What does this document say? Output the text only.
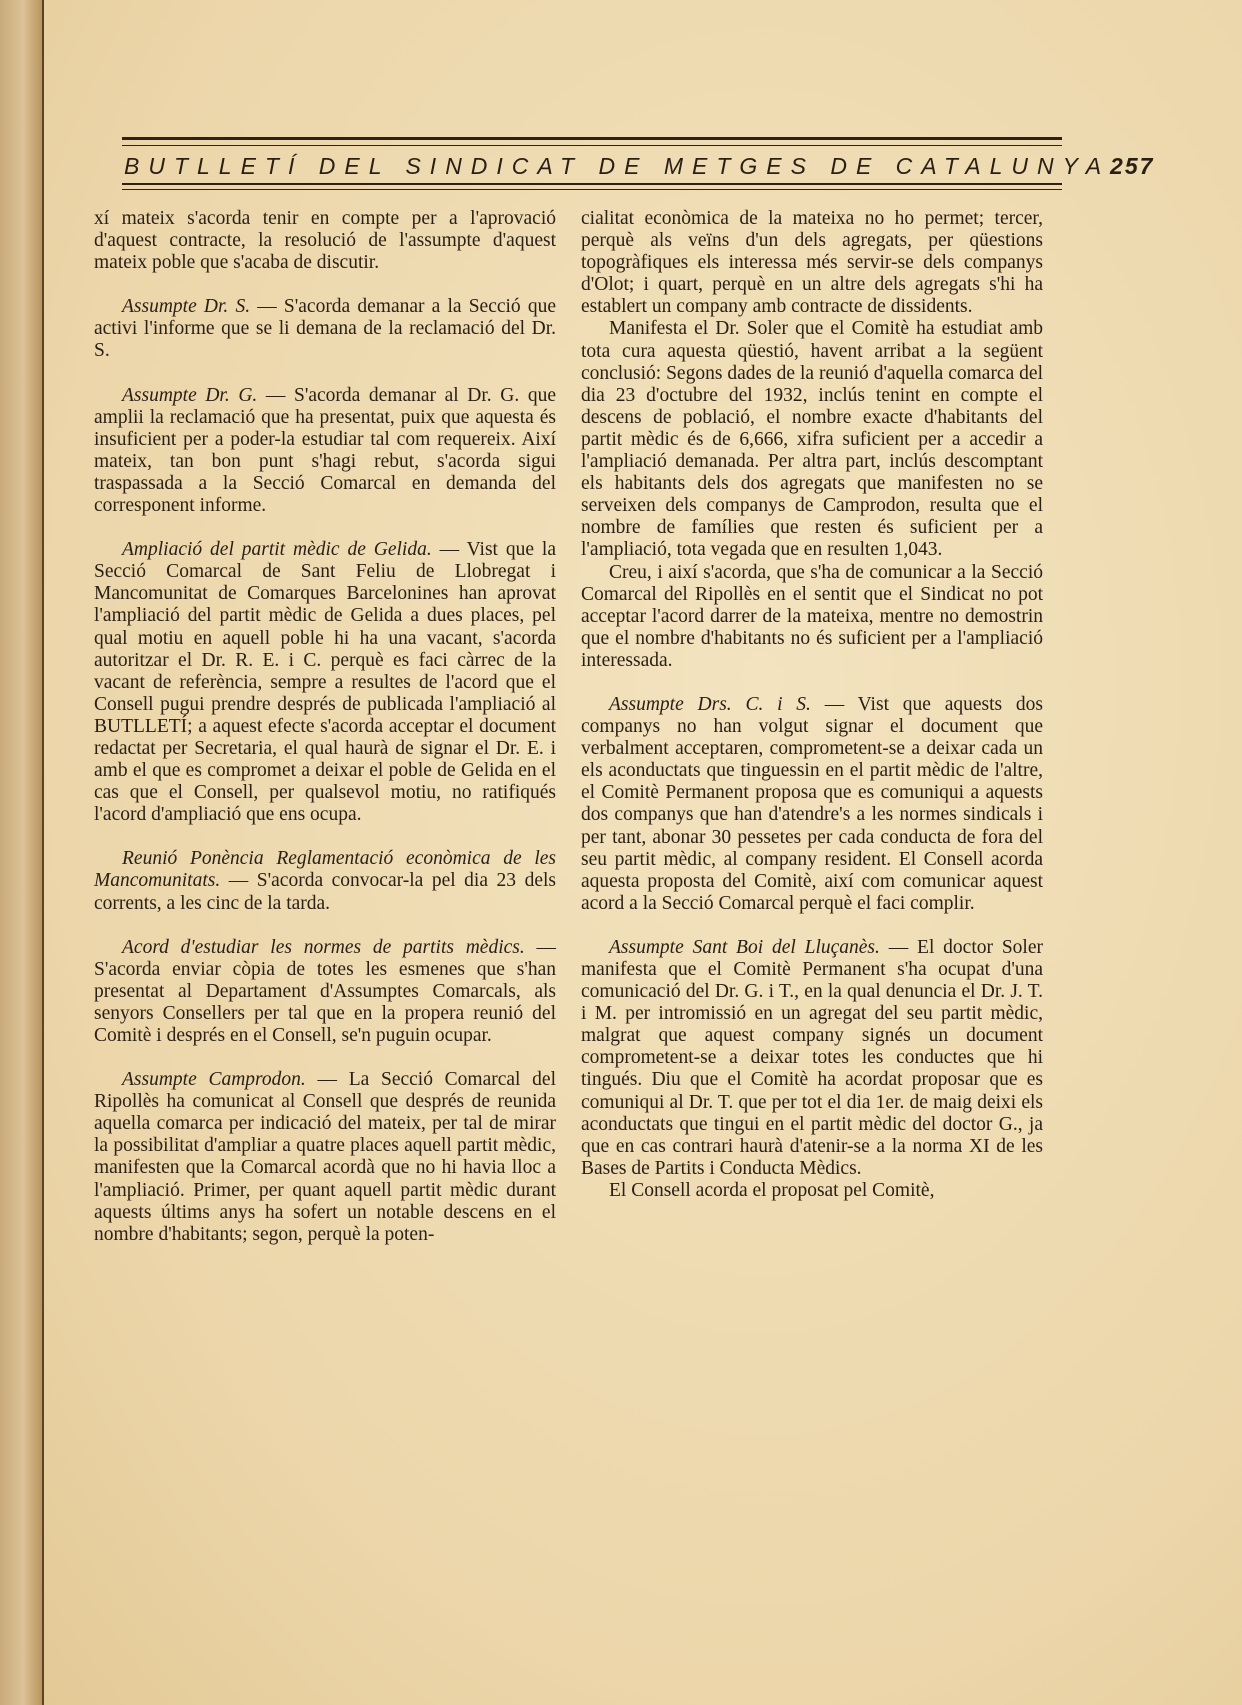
BUTLLETÍ DEL SINDICAT DE METGES DE CATALUNYA 257

xí mateix s'acorda tenir en compte per a l'aprovació d'aquest contracte, la resolució de l'assumpte d'aquest mateix poble que s'acaba de discutir.

Assumpte Dr. S. — S'acorda demanar a la Secció que activi l'informe que se li demana de la reclamació del Dr. S.

Assumpte Dr. G. — S'acorda demanar al Dr. G. que amplii la reclamació que ha presentat, puix que aquesta és insuficient per a poder-la estudiar tal com requereix. Així mateix, tan bon punt s'hagi rebut, s'acorda sigui traspassada a la Secció Comarcal en demanda del corresponent informe.

Ampliació del partit mèdic de Gelida. — Vist que la Secció Comarcal de Sant Feliu de Llobregat i Mancomunitat de Comarques Barcelonines han aprovat l'ampliació del partit mèdic de Gelida a dues places, pel qual motiu en aquell poble hi ha una vacant, s'acorda autoritzar el Dr. R. E. i C. perquè es faci càrrec de la vacant de referència, sempre a resultes de l'acord que el Consell pugui prendre després de publicada l'ampliació al BUTLLETÍ; a aquest efecte s'acorda acceptar el document redactat per Secretaria, el qual haurà de signar el Dr. E. i amb el que es compromet a deixar el poble de Gelida en el cas que el Consell, per qualsevol motiu, no ratifiqués l'acord d'ampliació que ens ocupa.

Reunió Ponència Reglamentació econòmica de les Mancomunitats. — S'acorda convocar-la pel dia 23 dels corrents, a les cinc de la tarda.

Acord d'estudiar les normes de partits mèdics. — S'acorda enviar còpia de totes les esmenes que s'han presentat al Departament d'Assumptes Comarcals, als senyors Consellers per tal que en la propera reunió del Comitè i després en el Consell, se'n puguin ocupar.

Assumpte Camprodon. — La Secció Comarcal del Ripollès ha comunicat al Consell que després de reunida aquella comarca per indicació del mateix, per tal de mirar la possibilitat d'ampliar a quatre places aquell partit mèdic, manifesten que la Comarcal acordà que no hi havia lloc a l'ampliació. Primer, per quant aquell partit mèdic durant aquests últims anys ha sofert un notable descens en el nombre d'habitants; segon, perquè la poten-

cialitat econòmica de la mateixa no ho permet; tercer, perquè als veïns d'un dels agregats, per qüestions topogràfiques els interessa més servir-se dels companys d'Olot; i quart, perquè en un altre dels agregats s'hi ha establert un company amb contracte de dissidents.

Manifesta el Dr. Soler que el Comitè ha estudiat amb tota cura aquesta qüestió, havent arribat a la següent conclusió: Segons dades de la reunió d'aquella comarca del dia 23 d'octubre del 1932, inclús tenint en compte el descens de població, el nombre exacte d'habitants del partit mèdic és de 6,666, xifra suficient per a accedir a l'ampliació demanada. Per altra part, inclús descomptant els habitants dels dos agregats que manifesten no se serveixen dels companys de Camprodon, resulta que el nombre de famílies que resten és suficient per a l'ampliació, tota vegada que en resulten 1,043.

Creu, i així s'acorda, que s'ha de comunicar a la Secció Comarcal del Ripollès en el sentit que el Sindicat no pot acceptar l'acord darrer de la mateixa, mentre no demostrin que el nombre d'habitants no és suficient per a l'ampliació interessada.

Assumpte Drs. C. i S. — Vist que aquests dos companys no han volgut signar el document que verbalment acceptaren, comprometent-se a deixar cada un els aconductats que tinguessin en el partit mèdic de l'altre, el Comitè Permanent proposa que es comuniqui a aquests dos companys que han d'atendre's a les normes sindicals i per tant, abonar 30 pessetes per cada conducta de fora del seu partit mèdic, al company resident. El Consell acorda aquesta proposta del Comitè, així com comunicar aquest acord a la Secció Comarcal perquè el faci complir.

Assumpte Sant Boi del Lluçanès. — El doctor Soler manifesta que el Comitè Permanent s'ha ocupat d'una comunicació del Dr. G. i T., en la qual denuncia el Dr. J. T. i M. per intromissió en un agregat del seu partit mèdic, malgrat que aquest company signés un document comprometent-se a deixar totes les conductes que hi tingués. Diu que el Comitè ha acordat proposar que es comuniqui al Dr. T. que per tot el dia 1er. de maig deixi els aconductats que tingui en el partit mèdic del doctor G., ja que en cas contrari haurà d'atenir-se a la norma XI de les Bases de Partits i Conducta Mèdics.

El Consell acorda el proposat pel Comitè,
